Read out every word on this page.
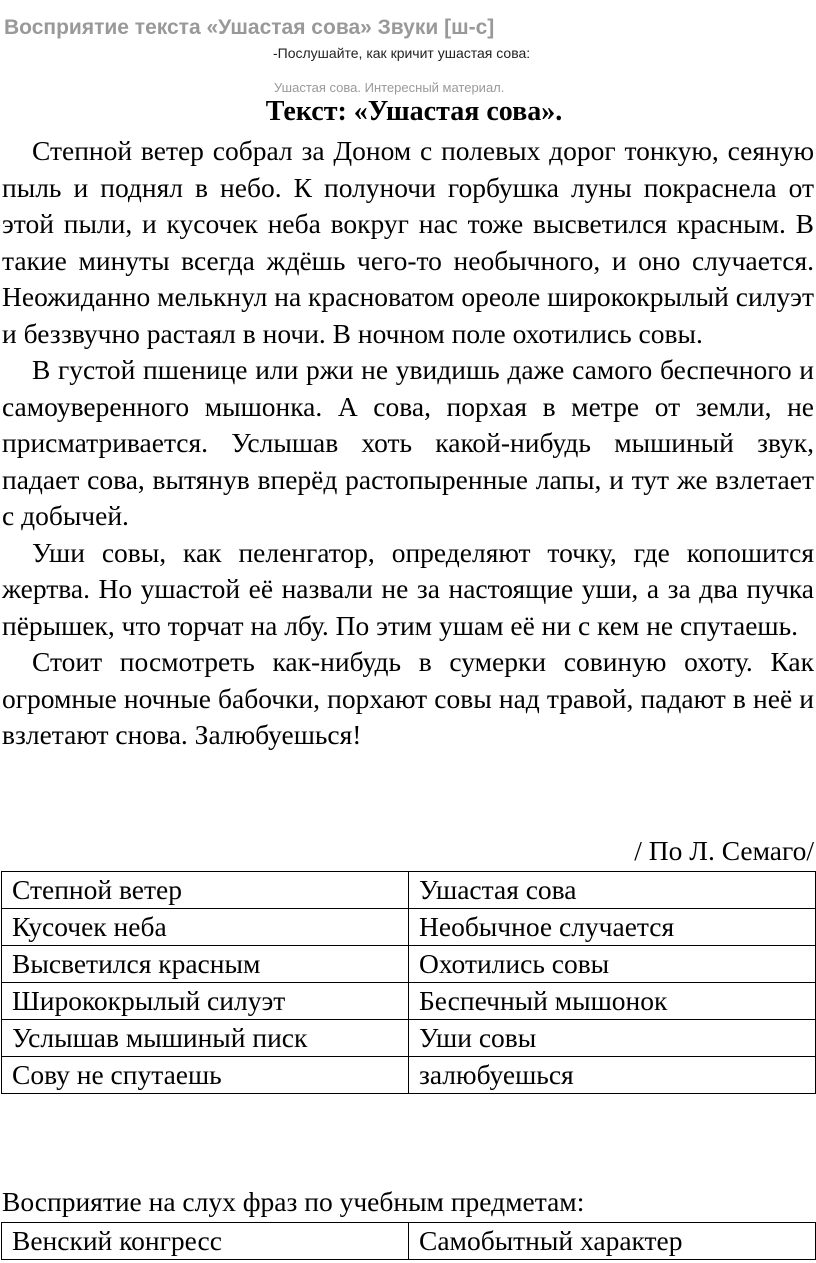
Восприятие текста «Ушастая сова» Звуки [ш-с]
-Послушайте, как кричит ушастая сова:
Ушастая сова. Интересный материал.
Текст: «Ушастая сова».

Степной ветер собрал за Доном с полевых дорог тонкую, сеяную пыль и поднял в небо. К полуночи горбушка луны покраснела от этой пыли, и кусочек неба вокруг нас тоже высветился красным. В такие минуты всегда ждёшь чего-то необычного, и оно случается. Неожиданно мелькнул на красноватом ореоле ширококрылый силуэт и беззвучно растаял в ночи. В ночном поле охотились совы.

В густой пшенице или ржи не увидишь даже самого беспечного и самоуверенного мышонка. А сова, порхая в метре от земли, не присматривается. Услышав хоть какой-нибудь мышиный звук, падает сова, вытянув вперёд растопыренные лапы, и тут же взлетает с добычей.

Уши совы, как пеленгатор, определяют точку, где копошится жертва. Но ушастой её назвали не за настоящие уши, а за два пучка пёрышек, что торчат на лбу. По этим ушам её ни с кем не спутаешь.

Стоит посмотреть как-нибудь в сумерки совиную охоту. Как огромные ночные бабочки, порхают совы над травой, падают в неё и взлетают снова. Залюбуешься!

/ По Л. Семаго/
Степной ветер	Ушастая сова
Кусочек неба	Необычное случается
Высветился красным	Охотились совы
Ширококрылый силуэт	Беспечный мышонок
Услышав мышиный писк	Уши совы
Сову не спутаешь	залюбуешься
Восприятие на слух фраз по учебным предметам:
Венский конгресс	Самобытный характер
